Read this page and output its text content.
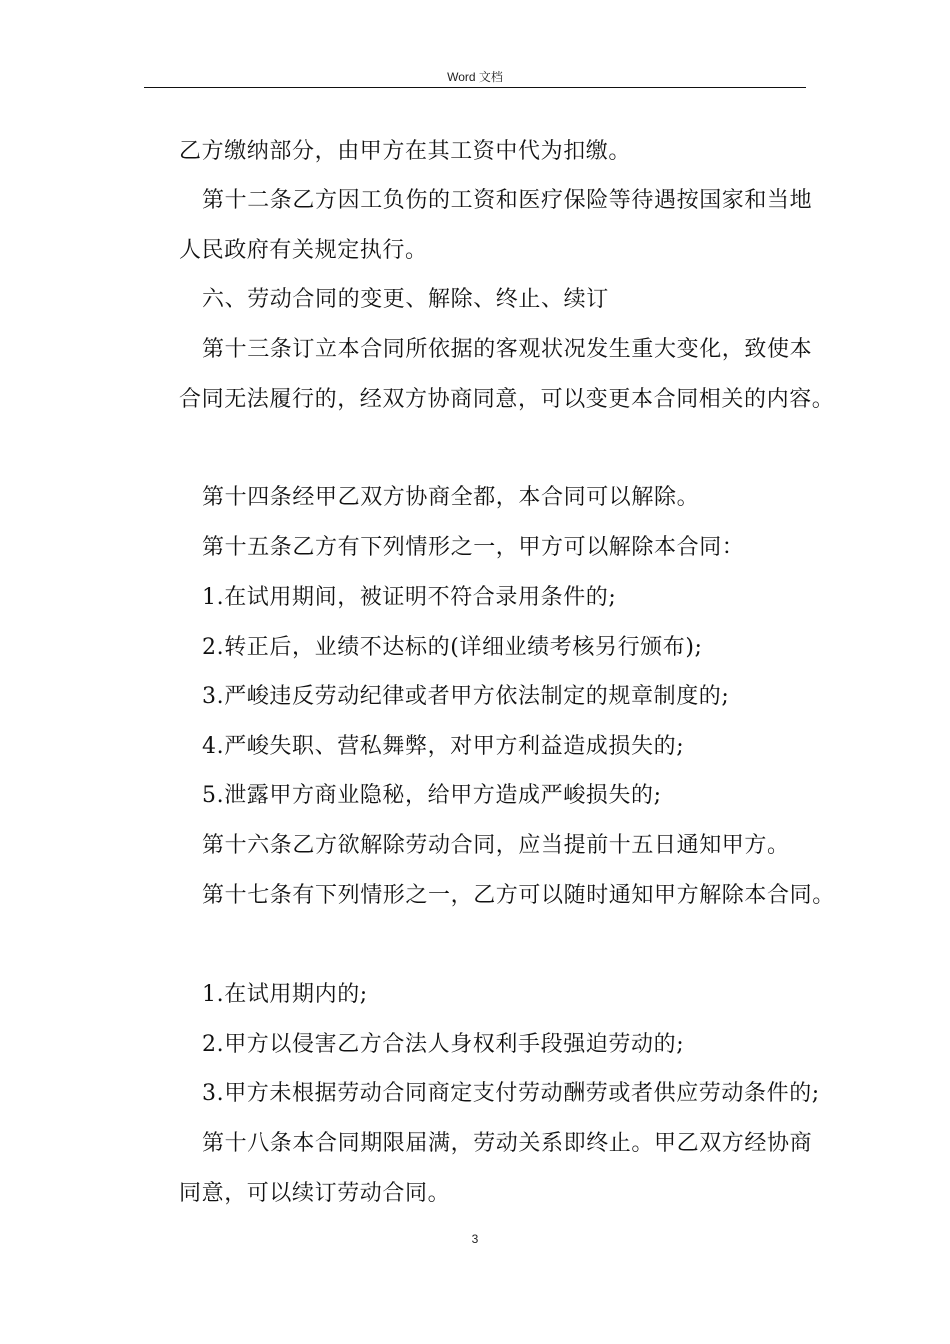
Word 文档
乙方缴纳部分，由甲方在其工资中代为扣缴。
第十二条乙方因工负伤的工资和医疗保险等待遇按国家和当地
人民政府有关规定执行。
六、劳动合同的变更、解除、终止、续订
第十三条订立本合同所依据的客观状况发生重大变化，致使本
合同无法履行的，经双方协商同意，可以变更本合同相关的内容。
第十四条经甲乙双方协商全都，本合同可以解除。
第十五条乙方有下列情形之一，甲方可以解除本合同：
1.在试用期间，被证明不符合录用条件的;
2.转正后，业绩不达标的(详细业绩考核另行颁布);
3.严峻违反劳动纪律或者甲方依法制定的规章制度的;
4.严峻失职、营私舞弊，对甲方利益造成损失的;
5.泄露甲方商业隐秘，给甲方造成严峻损失的;
第十六条乙方欲解除劳动合同，应当提前十五日通知甲方。
第十七条有下列情形之一，乙方可以随时通知甲方解除本合同。
1.在试用期内的;
2.甲方以侵害乙方合法人身权利手段强迫劳动的;
3.甲方未根据劳动合同商定支付劳动酬劳或者供应劳动条件的;
第十八条本合同期限届满，劳动关系即终止。甲乙双方经协商
同意，可以续订劳动合同。
3
